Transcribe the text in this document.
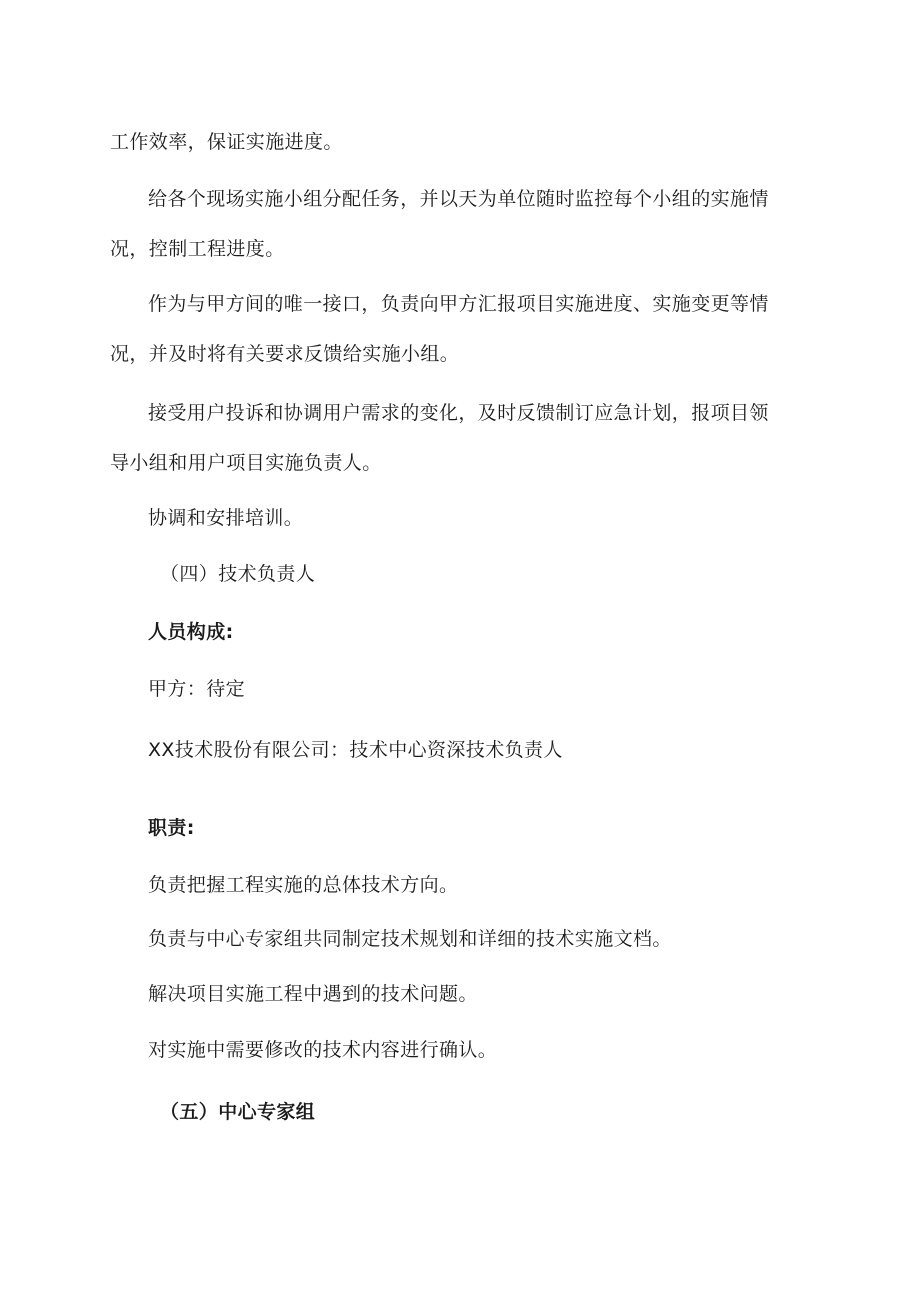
工作效率，保证实施进度。
给各个现场实施小组分配任务，并以天为单位随时监控每个小组的实施情
况，控制工程进度。
作为与甲方间的唯一接口，负责向甲方汇报项目实施进度、实施变更等情
况，并及时将有关要求反馈给实施小组。
接受用户投诉和协调用户需求的变化，及时反馈制订应急计划，报项目领
导小组和用户项目实施负责人。
协调和安排培训。
（四）技术负责人
人员构成:
甲方：待定
XX技术股份有限公司：技术中心资深技术负责人
职责:
负责把握工程实施的总体技术方向。
负责与中心专家组共同制定技术规划和详细的技术实施文档。
解决项目实施工程中遇到的技术问题。
对实施中需要修改的技术内容进行确认。
（五）中心专家组
